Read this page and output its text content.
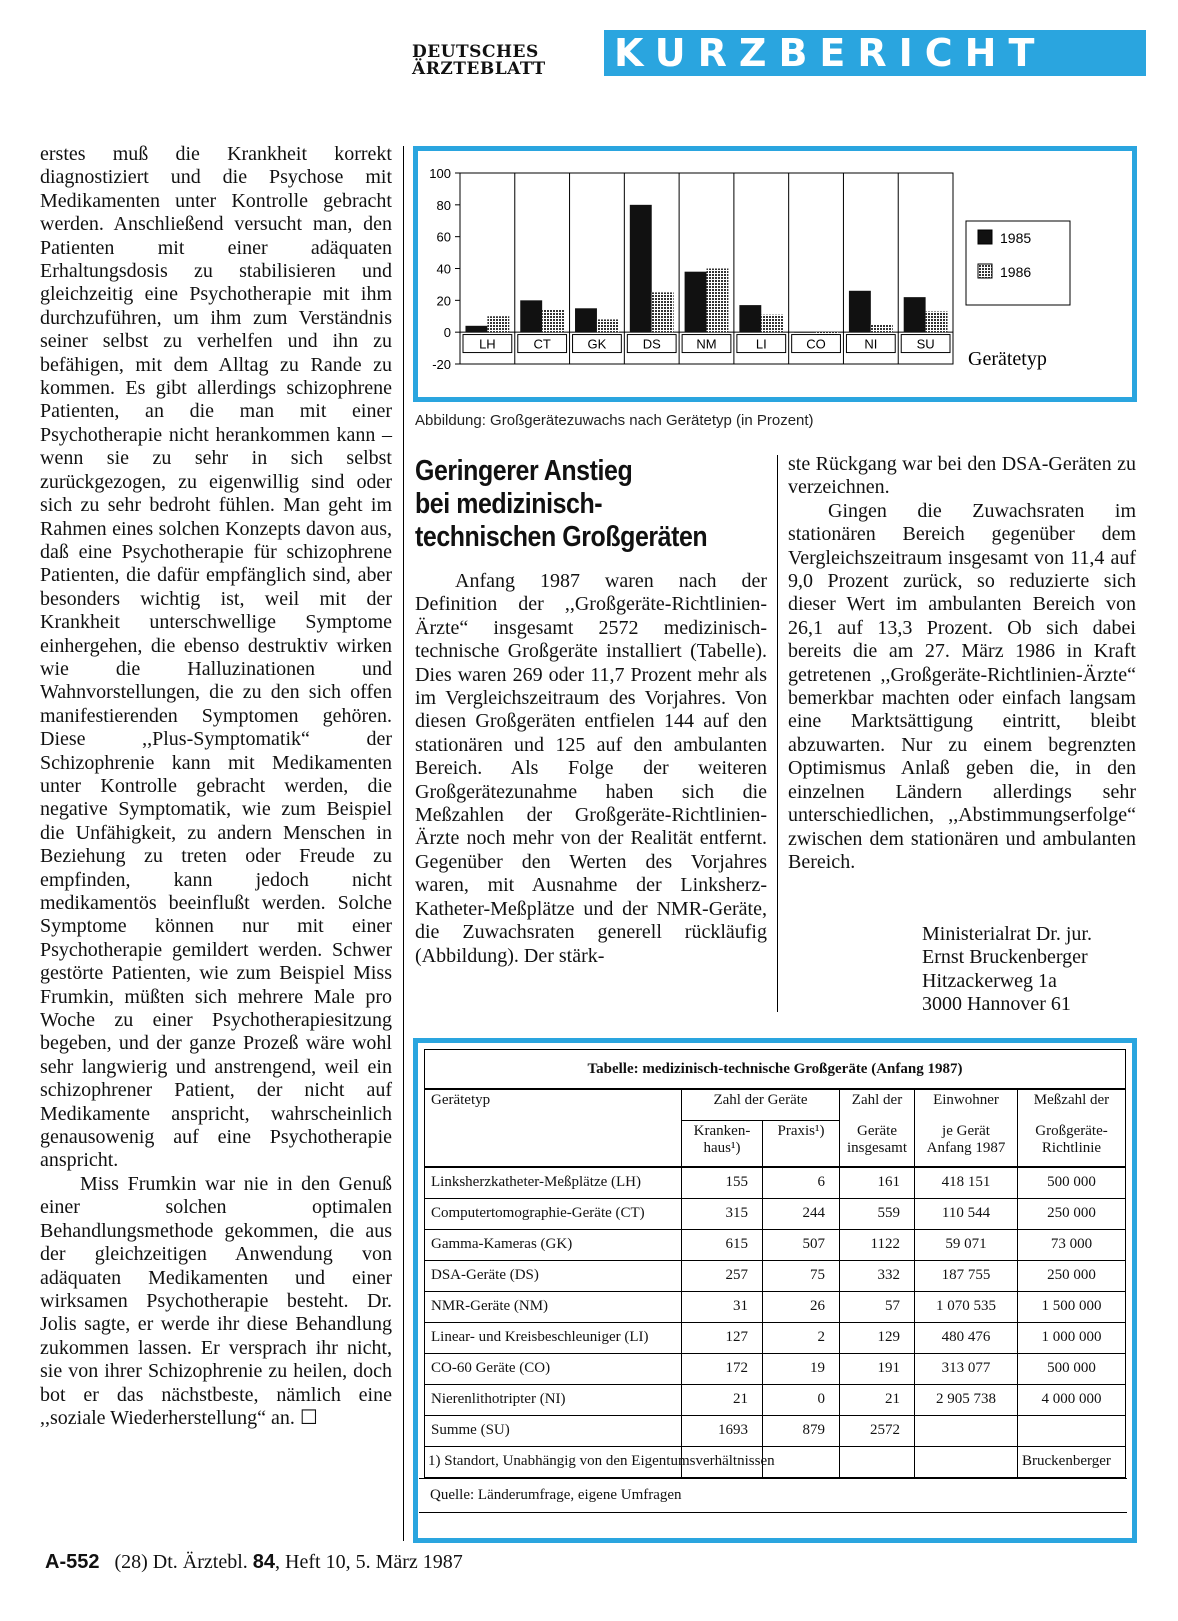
DEUTSCHES
ÄRZTEBLATT	KURZBERICHT

erstes muß die Krankheit korrekt diagnostiziert und die Psychose mit Medikamenten unter Kontrolle gebracht werden. Anschließend versucht man, den Patienten mit einer adäquaten Erhaltungsdosis zu stabilisieren und gleichzeitig eine Psychotherapie mit ihm durchzuführen, um ihm zum Verständnis seiner selbst zu verhelfen und ihn zu befähigen, mit dem Alltag zu Rande zu kommen. Es gibt allerdings schizophrene Patienten, an die man mit einer Psychotherapie nicht herankommen kann – wenn sie zu sehr in sich selbst zurückgezogen, zu eigenwillig sind oder sich zu sehr bedroht fühlen. Man geht im Rahmen eines solchen Konzepts davon aus, daß eine Psychotherapie für schizophrene Patienten, die dafür empfänglich sind, aber besonders wichtig ist, weil mit der Krankheit unterschwellige Symptome einhergehen, die ebenso destruktiv wirken wie die Halluzinationen und Wahnvorstellungen, die zu den sich offen manifestierenden Symptomen gehören. Diese ,,Plus-Symptomatik“ der Schizophrenie kann mit Medikamenten unter Kontrolle gebracht werden, die negative Symptomatik, wie zum Beispiel die Unfähigkeit, zu andern Menschen in Beziehung zu treten oder Freude zu empfinden, kann jedoch nicht medikamentös beeinflußt werden. Solche Symptome können nur mit einer Psychotherapie gemildert werden. Schwer gestörte Patienten, wie zum Beispiel Miss Frumkin, müßten sich mehrere Male pro Woche zu einer Psychotherapiesitzung begeben, und der ganze Prozeß wäre wohl sehr langwierig und anstrengend, weil ein schizophrener Patient, der nicht auf Medikamente anspricht, wahrscheinlich genausowenig auf eine Psychotherapie anspricht.

Miss Frumkin war nie in den Genuß einer solchen optimalen Behandlungsmethode gekommen, die aus der gleichzeitigen Anwendung von adäquaten Medikamenten und einer wirksamen Psychotherapie besteht. Dr. Jolis sagte, er werde ihr diese Behandlung zukommen lassen. Er versprach ihr nicht, sie von ihrer Schizophrenie zu heilen, doch bot er das nächstbeste, nämlich eine ,,soziale Wiederherstellung“ an. ☐

100
80
60
40
20
0
-20
LH	CT	GK	DS	NM	LI	CO	NI	SU
1985
1986
Gerätetyp
Abbildung: Großgerätezuwachs nach Gerätetyp (in Prozent)
Geringerer Anstieg
bei medizinisch-
technischen Großgeräten

Anfang 1987 waren nach der Definition der ,,Großgeräte-Richtlinien-Ärzte“ insgesamt 2572 medizinisch-technische Großgeräte installiert (Tabelle). Dies waren 269 oder 11,7 Prozent mehr als im Vergleichszeitraum des Vorjahres. Von diesen Großgeräten entfielen 144 auf den stationären und 125 auf den ambulanten Bereich. Als Folge der weiteren Großgerätezunahme haben sich die Meßzahlen der Großgeräte-Richtlinien-Ärzte noch mehr von der Realität entfernt. Gegenüber den Werten des Vorjahres waren, mit Ausnahme der Linksherz-Katheter-Meßplätze und der NMR-Geräte, die Zuwachsraten generell rückläufig (Abbildung). Der stärk-

ste Rückgang war bei den DSA-Geräten zu verzeichnen.

Gingen die Zuwachsraten im stationären Bereich gegenüber dem Vergleichszeitraum insgesamt von 11,4 auf 9,0 Prozent zurück, so reduzierte sich dieser Wert im ambulanten Bereich von 26,1 auf 13,3 Prozent. Ob sich dabei bereits die am 27. März 1986 in Kraft getretenen ,,Großgeräte-Richtlinien-Ärzte“ bemerkbar machten oder einfach langsam eine Marktsättigung eintritt, bleibt abzuwarten. Nur zu einem begrenzten Optimismus Anlaß geben die, in den einzelnen Ländern allerdings sehr unterschiedlichen, ,,Abstimmungserfolge“ zwischen dem stationären und ambulanten Bereich.

Ministerialrat Dr. jur.
Ernst Bruckenberger
Hitzackerweg 1a
3000 Hannover 61
Tabelle: medizinisch-technische Großgeräte (Anfang 1987)					
Gerätetyp	Zahl der Geräte		Zahl der	Einwohner	Meßzahl der
	Kranken-haus¹)	Praxis¹)	Geräte insgesamt	je Gerät Anfang 1987	Großgeräte-Richtlinie
Linksherzkatheter-Meßplätze (LH)	155	6	161	418 151	500 000
Computertomographie-Geräte (CT)	315	244	559	110 544	250 000
Gamma-Kameras (GK)	615	507	1122	59 071	73 000
DSA-Geräte (DS)	257	75	332	187 755	250 000
NMR-Geräte (NM)	31	26	57	1 070 535	1 500 000
Linear- und Kreisbeschleuniger (LI)	127	2	129	480 476	1 000 000
CO-60 Geräte (CO)	172	19	191	313 077	500 000
Nierenlithotripter (NI)	21	0	21	2 905 738	4 000 000
Summe (SU)	1693	879	2572		

1) Standort, Unabhängig von den Eigentumsverhältnissen	Bruckenberger
Quelle: Länderumfrage, eigene Umfragen
A-552 (28) Dt. Ärztebl. 84, Heft 10, 5. März 1987
